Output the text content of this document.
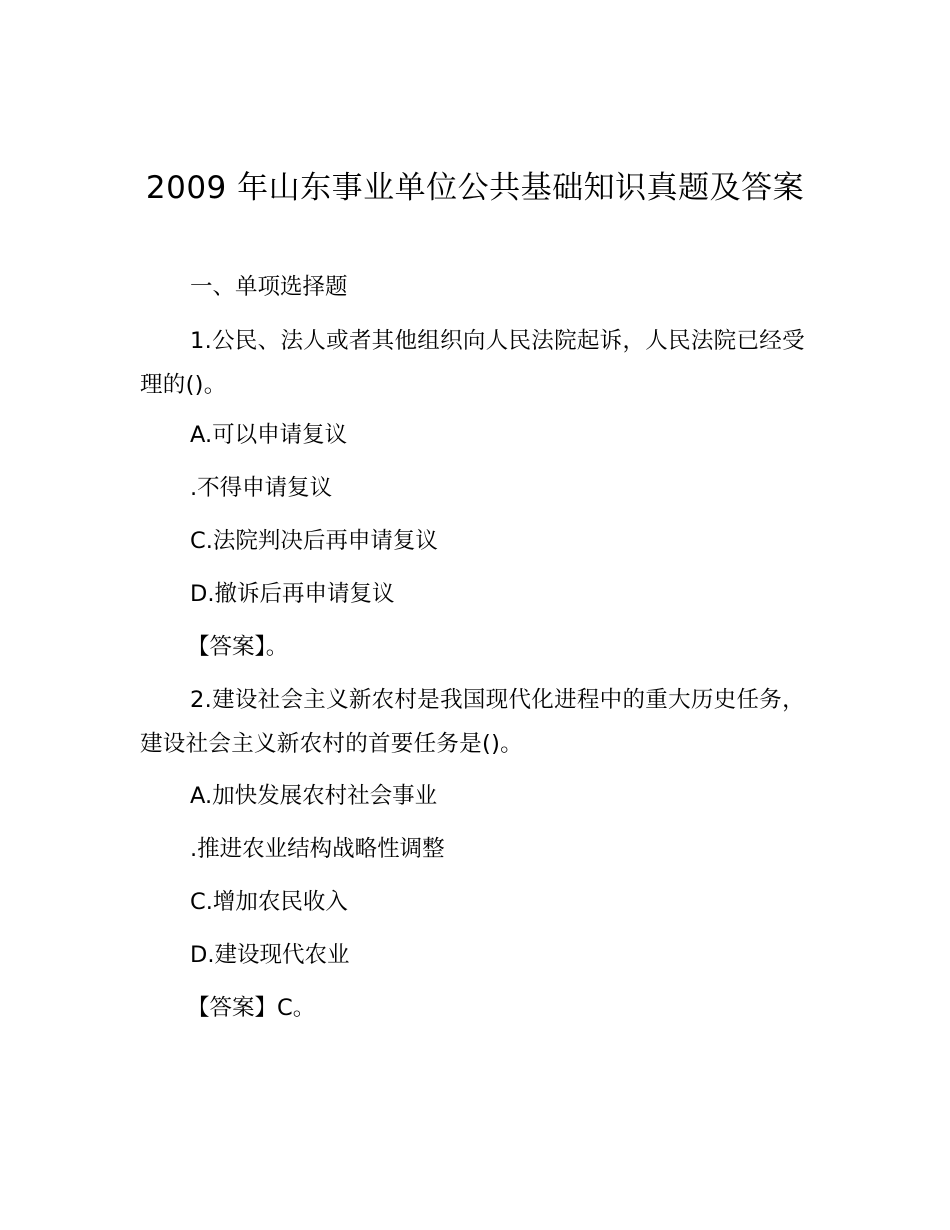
2009 年山东事业单位公共基础知识真题及答案

一、单项选择题

1.公民、法人或者其他组织向人民法院起诉，人民法院已经受理的()。

A.可以申请复议

.不得申请复议

C.法院判决后再申请复议

D.撤诉后再申请复议

【答案】。

2.建设社会主义新农村是我国现代化进程中的重大历史任务，建设社会主义新农村的首要任务是()。

A.加快发展农村社会事业

.推进农业结构战略性调整

C.增加农民收入

D.建设现代农业

【答案】C。
